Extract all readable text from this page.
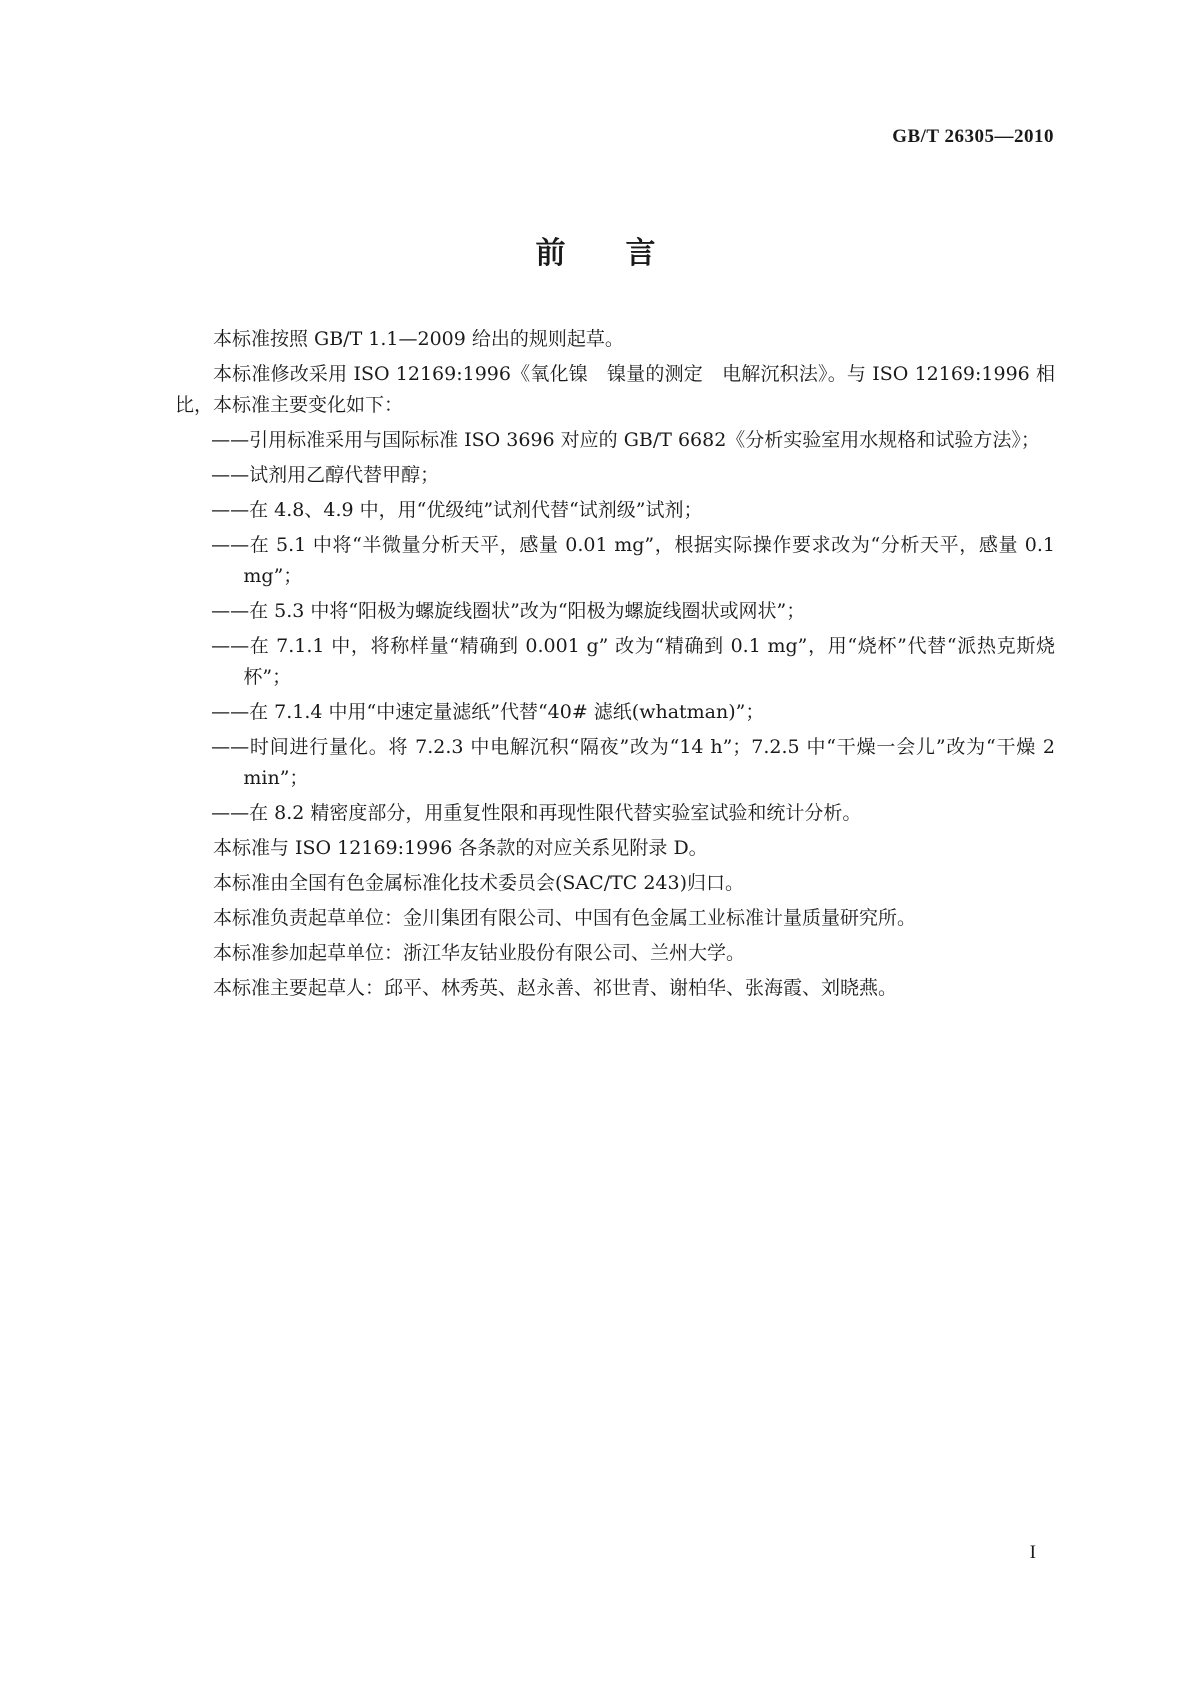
GB/T 26305—2010
前言

本标准按照 GB/T 1.1—2009 给出的规则起草。

本标准修改采用 ISO 12169:1996《氧化镍　镍量的测定　电解沉积法》。与 ISO 12169:1996 相比，本标准主要变化如下：

——引用标准采用与国际标准 ISO 3696 对应的 GB/T 6682《分析实验室用水规格和试验方法》；

——试剂用乙醇代替甲醇；

——在 4.8、4.9 中，用“优级纯”试剂代替“试剂级”试剂；

——在 5.1 中将“半微量分析天平，感量 0.01 mg”，根据实际操作要求改为“分析天平，感量 0.1 mg”；

——在 5.3 中将“阳极为螺旋线圈状”改为“阳极为螺旋线圈状或网状”；

——在 7.1.1 中，将称样量“精确到 0.001 g” 改为“精确到 0.1 mg”，用“烧杯”代替“派热克斯烧杯”；

——在 7.1.4 中用“中速定量滤纸”代替“40# 滤纸(whatman)”；

——时间进行量化。将 7.2.3 中电解沉积“隔夜”改为“14 h”；7.2.5 中“干燥一会儿”改为“干燥 2 min”；

——在 8.2 精密度部分，用重复性限和再现性限代替实验室试验和统计分析。

本标准与 ISO 12169:1996 各条款的对应关系见附录 D。

本标准由全国有色金属标准化技术委员会(SAC/TC 243)归口。

本标准负责起草单位：金川集团有限公司、中国有色金属工业标准计量质量研究所。

本标准参加起草单位：浙江华友钴业股份有限公司、兰州大学。

本标准主要起草人：邱平、林秀英、赵永善、祁世青、谢柏华、张海霞、刘晓燕。

I
